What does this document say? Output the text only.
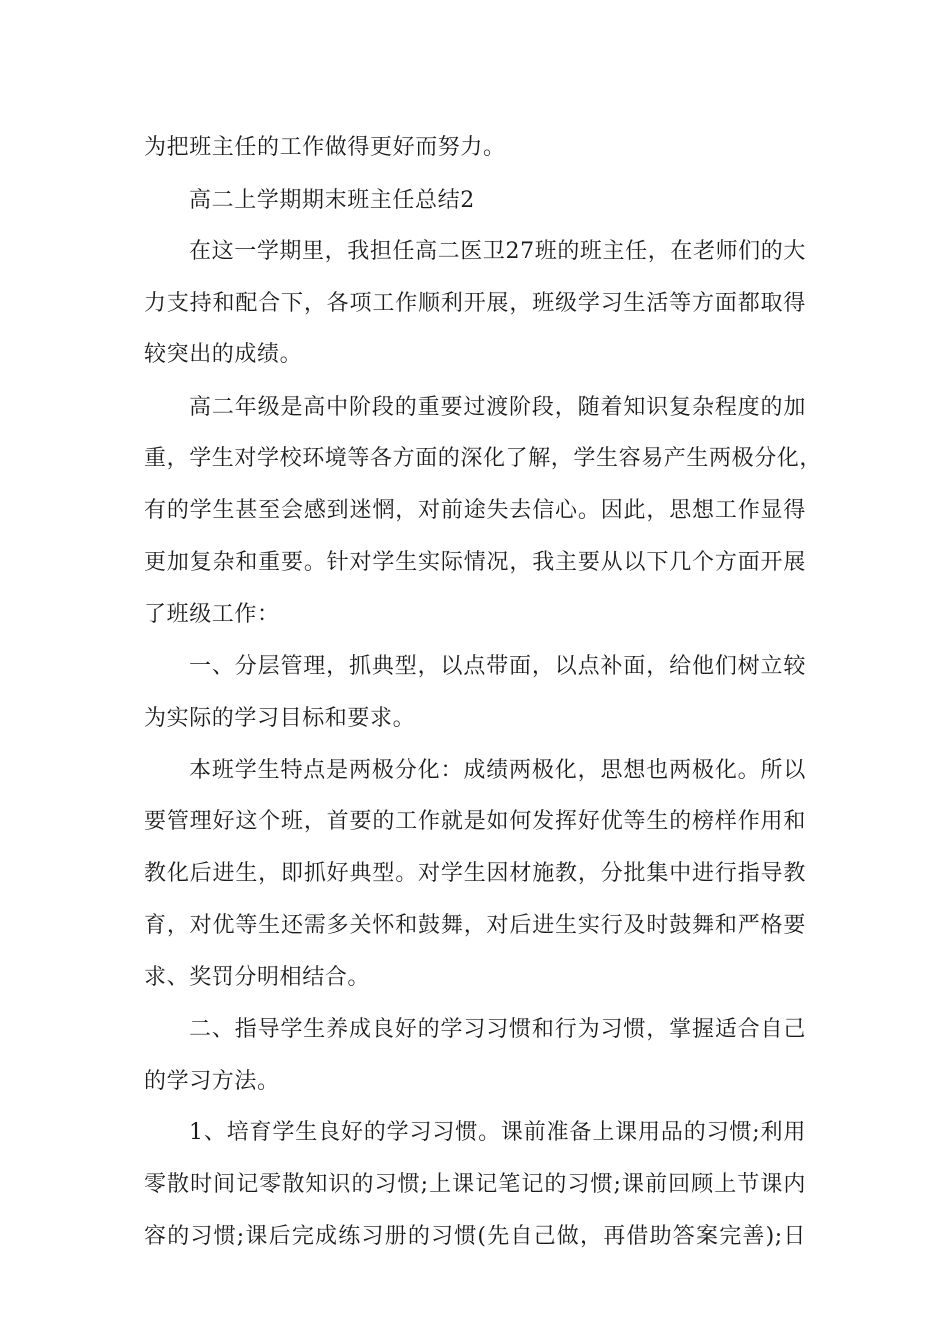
为把班主任的工作做得更好而努力。
高二上学期期末班主任总结2
在这一学期里，我担任高二医卫27班的班主任，在老师们的大
力支持和配合下，各项工作顺利开展，班级学习生活等方面都取得
较突出的成绩。
高二年级是高中阶段的重要过渡阶段，随着知识复杂程度的加
重，学生对学校环境等各方面的深化了解，学生容易产生两极分化，
有的学生甚至会感到迷惘，对前途失去信心。因此，思想工作显得
更加复杂和重要。针对学生实际情况，我主要从以下几个方面开展
了班级工作：
一、分层管理，抓典型，以点带面，以点补面，给他们树立较
为实际的学习目标和要求。
本班学生特点是两极分化：成绩两极化，思想也两极化。所以
要管理好这个班，首要的工作就是如何发挥好优等生的榜样作用和
教化后进生，即抓好典型。对学生因材施教，分批集中进行指导教
育，对优等生还需多关怀和鼓舞，对后进生实行及时鼓舞和严格要
求、奖罚分明相结合。
二、指导学生养成良好的学习习惯和行为习惯，掌握适合自己
的学习方法。
1、培育学生良好的学习习惯。课前准备上课用品的习惯;利用
零散时间记零散知识的习惯;上课记笔记的习惯;课前回顾上节课内
容的习惯;课后完成练习册的习惯(先自己做，再借助答案完善);日
